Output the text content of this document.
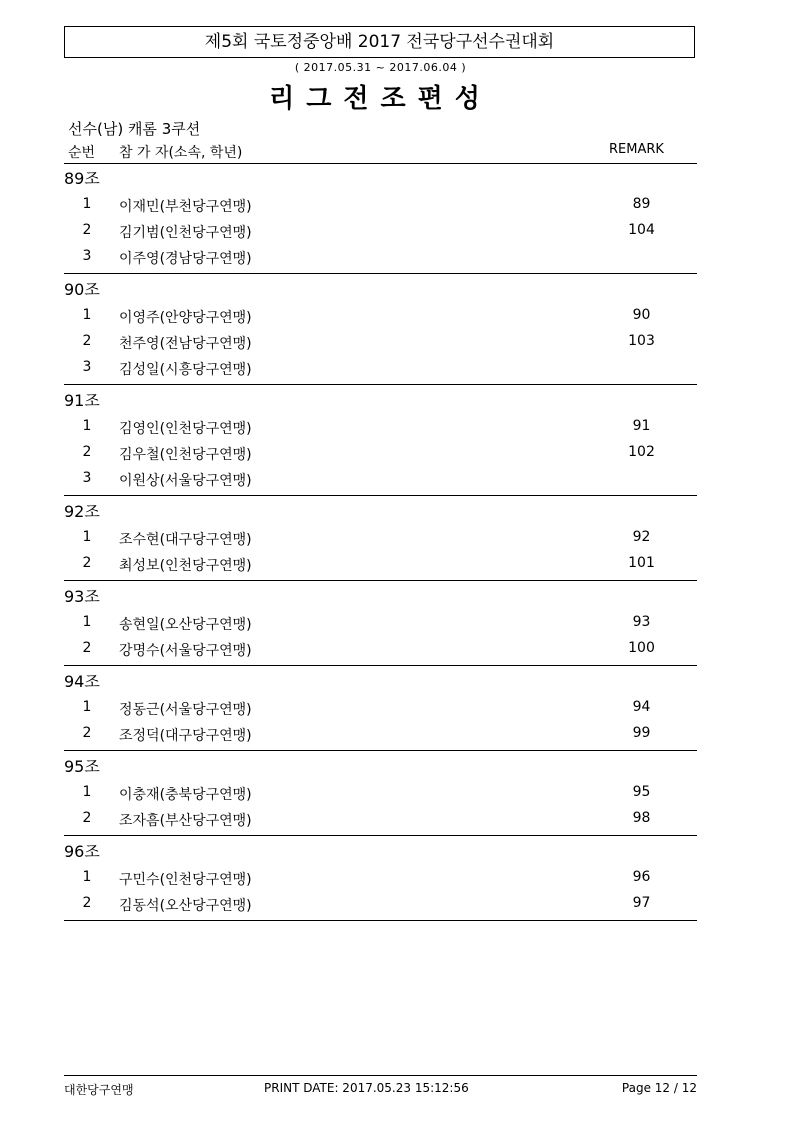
제5회 국토정중앙배 2017 전국당구선수권대회
( 2017.05.31 ~ 2017.06.04 )
리그전조편성
선수(남) 캐롬 3쿠션
순번 참 가 자(소속, 학년)	REMARK
89조
1 이재민(부천당구연맹)	89
2 김기범(인천당구연맹)	104
3 이주영(경남당구연맹)
90조
1 이영주(안양당구연맹)	90
2 천주영(전남당구연맹)	103
3 김성일(시흥당구연맹)
91조
1 김영인(인천당구연맹)	91
2 김우철(인천당구연맹)	102
3 이원상(서울당구연맹)
92조
1 조수현(대구당구연맹)	92
2 최성보(인천당구연맹)	101
93조
1 송현일(오산당구연맹)	93
2 강명수(서울당구연맹)	100
94조
1 정동근(서울당구연맹)	94
2 조정덕(대구당구연맹)	99
95조
1 이충재(충북당구연맹)	95
2 조자흠(부산당구연맹)	98
96조
1 구민수(인천당구연맹)	96
2 김동석(오산당구연맹)	97
대한당구연맹	PRINT DATE: 2017.05.23 15:12:56	Page 12 / 12
